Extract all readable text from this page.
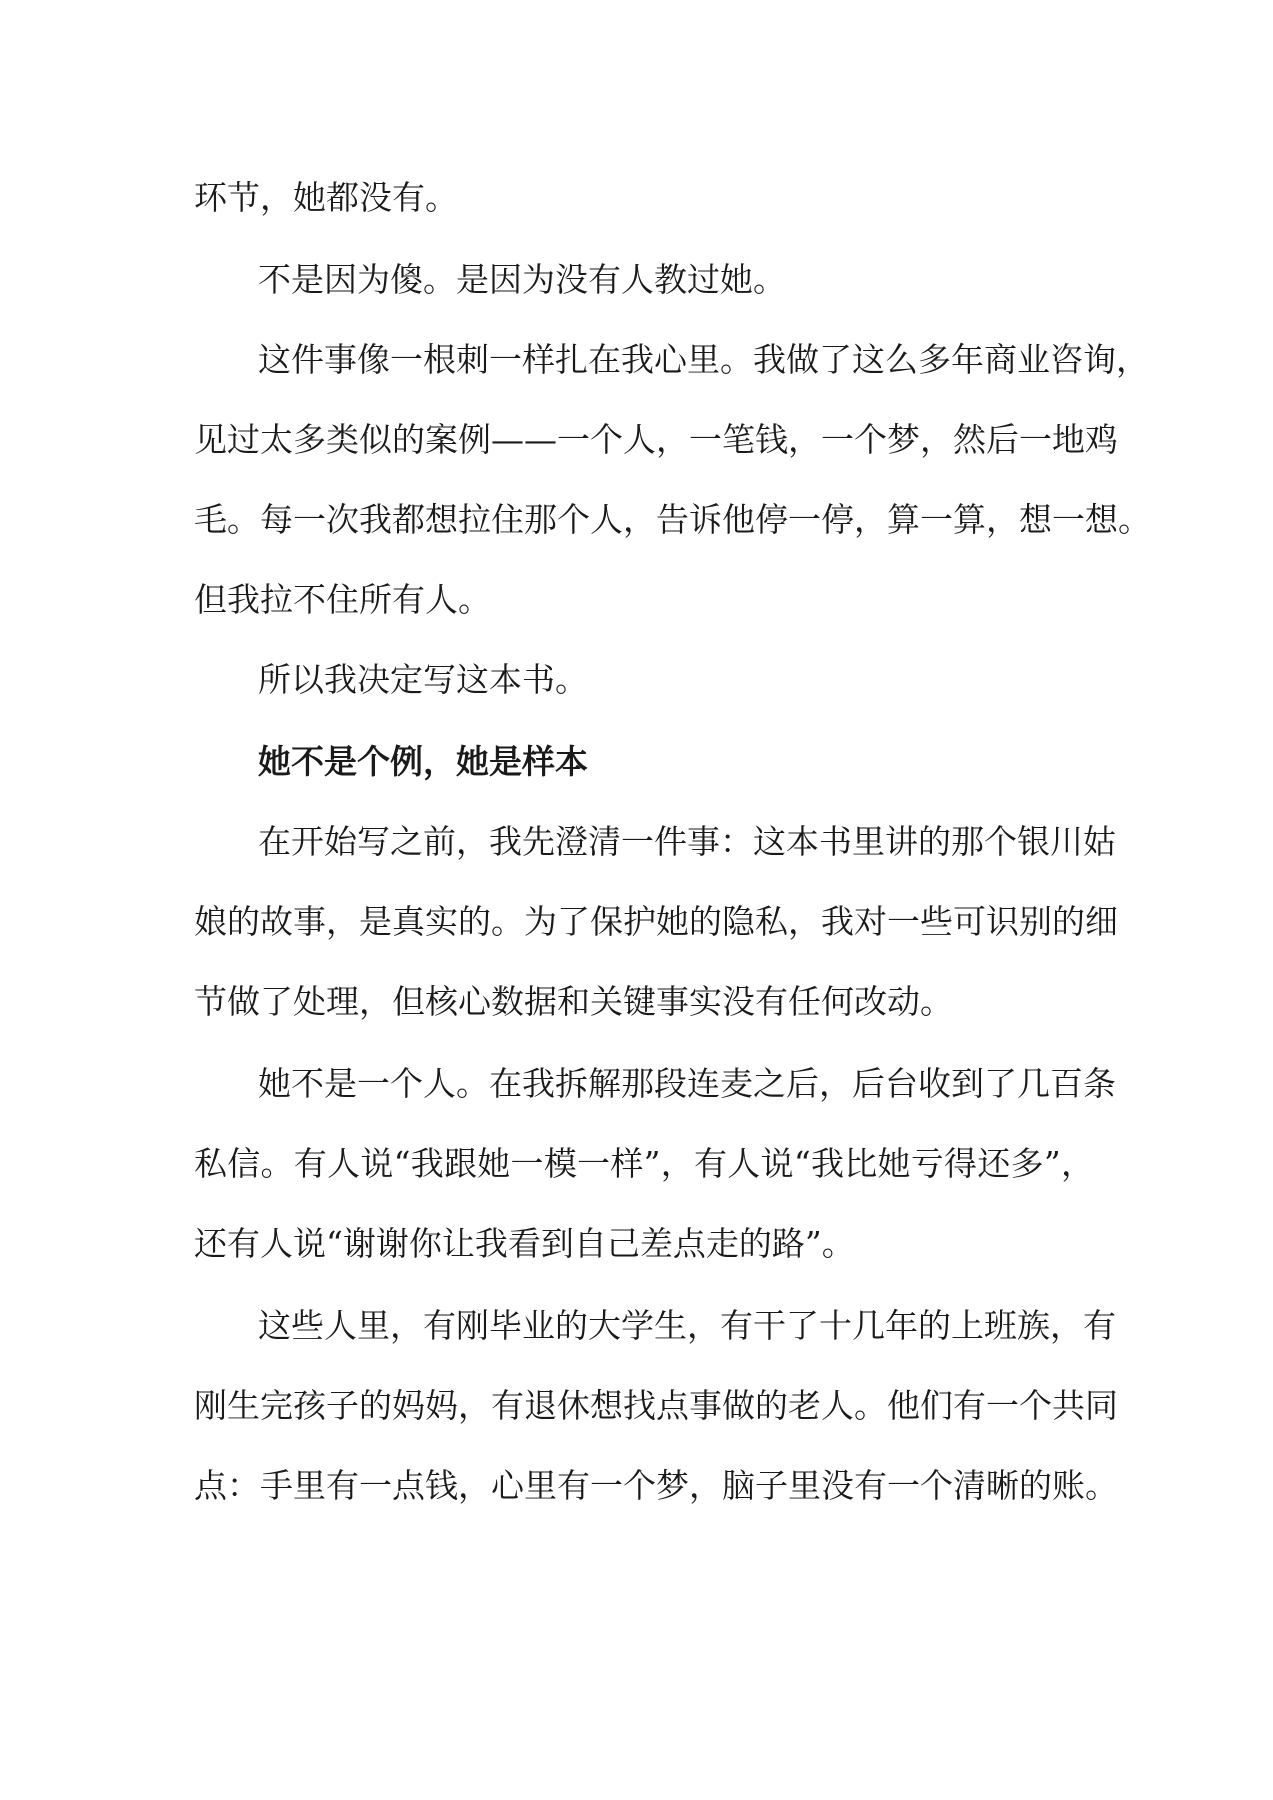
环节，她都没有。
不是因为傻。是因为没有人教过她。
这件事像一根刺一样扎在我心里。我做了这么多年商业咨询，
见过太多类似的案例——一个人，一笔钱，一个梦，然后一地鸡
毛。每一次我都想拉住那个人，告诉他停一停，算一算，想一想。
但我拉不住所有人。
所以我决定写这本书。
她不是个例，她是样本
在开始写之前，我先澄清一件事：这本书里讲的那个银川姑
娘的故事，是真实的。为了保护她的隐私，我对一些可识别的细
节做了处理，但核心数据和关键事实没有任何改动。
她不是一个人。在我拆解那段连麦之后，后台收到了几百条
私信。有人说“我跟她一模一样”，有人说“我比她亏得还多”，
还有人说“谢谢你让我看到自己差点走的路”。
这些人里，有刚毕业的大学生，有干了十几年的上班族，有
刚生完孩子的妈妈，有退休想找点事做的老人。他们有一个共同
点：手里有一点钱，心里有一个梦，脑子里没有一个清晰的账。
